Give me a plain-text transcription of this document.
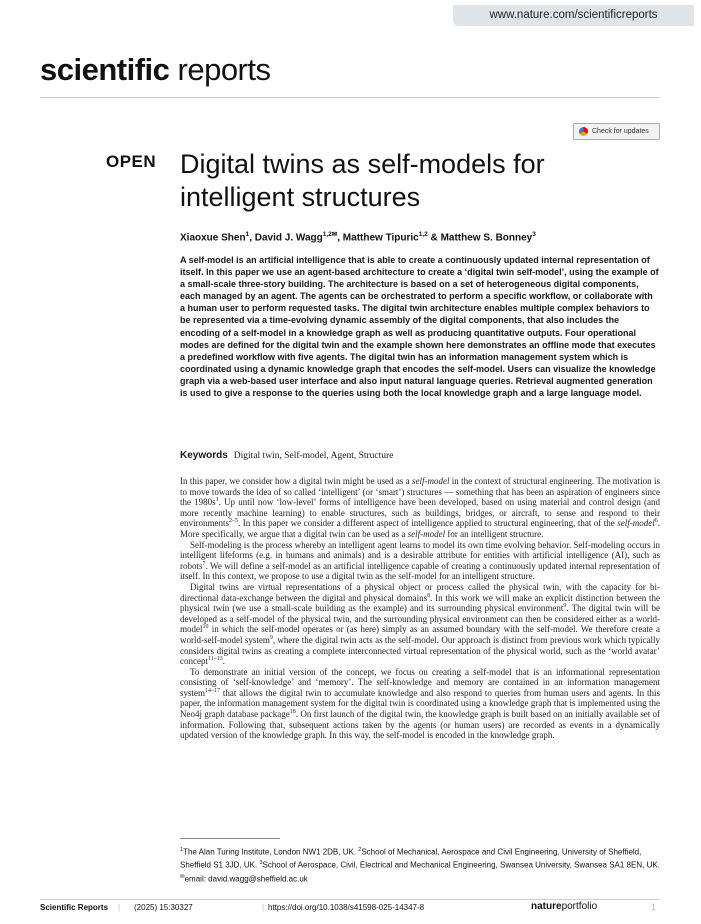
www.nature.com/scientificreports
scientific reports
Check for updates
OPEN Digital twins as self-models for intelligent structures
Xiaoxue Shen$^1$, David J. Wagg$^{1,2✉}$, Matthew Tipuric$^{1,2}$ & Matthew S. Bonney$^3$
A self-model is an artificial intelligence that is able to create a continuously updated internal representation of itself. In this paper we use an agent-based architecture to create a ‘digital twin self-model’, using the example of a small-scale three-story building. The architecture is based on a set of heterogeneous digital components, each managed by an agent. The agents can be orchestrated to perform a specific workflow, or collaborate with a human user to perform requested tasks. The digital twin architecture enables multiple complex behaviors to be represented via a time-evolving dynamic assembly of the digital components, that also includes the encoding of a self-model in a knowledge graph as well as producing quantitative outputs. Four operational modes are defined for the digital twin and the example shown here demonstrates an offline mode that executes a predefined workflow with five agents. The digital twin has an information management system which is coordinated using a dynamic knowledge graph that encodes the self-model. Users can visualize the knowledge graph via a web-based user interface and also input natural language queries. Retrieval augmented generation is used to give a response to the queries using both the local knowledge graph and a large language model.
Keywords Digital twin, Self-model, Agent, Structure

In this paper, we consider how a digital twin might be used as a self-model in the context of structural engineering. The motivation is to move towards the idea of so called ‘intelligent’ (or ‘smart’) structures — something that has been an aspiration of engineers since the $1980s^1$. Up until now ‘low-level’ forms of intelligence have been developed, based on using material and control design (and more recently machine learning) to enable structures, such as buildings, bridges, or aircraft, to sense and respond to their environments$^{2-5}$. In this paper we consider a different aspect of intelligence applied to structural engineering, that of the self-model$^6$. More specifically, we argue that a digital twin can be used as a self-model for an intelligent structure.

Self-modeling is the process whereby an intelligent agent learns to model its own time evolving behavior. Self-modeling occurs in intelligent lifeforms (e.g. in humans and animals) and is a desirable attribute for entities with artificial intelligence (AI), such as robots$^7$. We will define a self-model as an artificial intelligence capable of creating a continuously updated internal representation of itself. In this context, we propose to use a digital twin as the self-model for an intelligent structure.

Digital twins are virtual representations of a physical object or process called the physical twin, with the capacity for bi-directional data-exchange between the digital and physical domains$^8$. In this work we will make an explicit distinction between the physical twin (we use a small-scale building as the example) and its surrounding physical environment$^9$. The digital twin will be developed as a self-model of the physical twin, and the surrounding physical environment can then be considered either as a world-model$^{10}$ in which the self-model operates or (as here) simply as an assumed boundary with the self-model. We therefore create a world-self-model system$^9$, where the digital twin acts as the self-model. Our approach is distinct from previous work which typically considers digital twins as creating a complete interconnected virtual representation of the physical world, such as the ‘world avatar’ concept$^{11-13}$.

To demonstrate an initial version of the concept, we focus on creating a self-model that is an informational representation consisting of ‘self-knowledge’ and ‘memory’. The self-knowledge and memory are contained in an information management system$^{14-17}$ that allows the digital twin to accumulate knowledge and also respond to queries from human users and agents. In this paper, the information management system for the digital twin is coordinated using a knowledge graph that is implemented using the Neo4j graph database package$^{18}$. On first launch of the digital twin, the knowledge graph is built based on an initially available set of information. Following that, subsequent actions taken by the agents (or human users) are recorded as events in a dynamically updated version of the knowledge graph. In this way, the self-model is encoded in the knowledge graph.

$^1$The Alan Turing Institute, London NW1 2DB, UK. $^2$School of Mechanical, Aerospace and Civil Engineering, University of Sheffield, Sheffield S1 3JD, UK. $^3$School of Aerospace, Civil, Electrical and Mechanical Engineering, Swansea University, Swansea SA1 8EN, UK. ✉email: david.wagg@sheffield.ac.uk
Scientific Reports | (2025) 15:30327	| https://doi.org/10.1038/s41598-025-14347-8	natureportfolio	1
